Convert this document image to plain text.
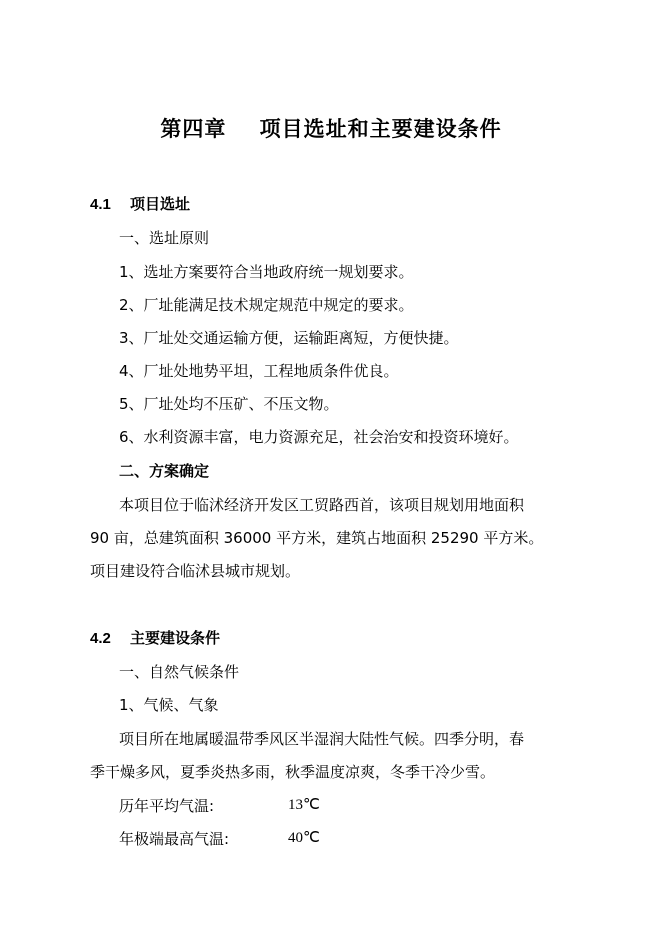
第四章    项目选址和主要建设条件
4.1 项目选址
一、选址原则
1、选址方案要符合当地政府统一规划要求。
2、厂址能满足技术规定规范中规定的要求。
3、厂址处交通运输方便，运输距离短，方便快捷。
4、厂址处地势平坦，工程地质条件优良。
5、厂址处均不压矿、不压文物。
6、水利资源丰富，电力资源充足，社会治安和投资环境好。
二、方案确定
本项目位于临沭经济开发区工贸路西首，该项目规划用地面积
90 亩，总建筑面积 36000 平方米，建筑占地面积 25290 平方米。
项目建设符合临沭县城市规划。
4.2 主要建设条件
一、自然气候条件
1、气候、气象
项目所在地属暖温带季风区半湿润大陆性气候。四季分明，春
季干燥多风，夏季炎热多雨，秋季温度凉爽，冬季干冷少雪。
历年平均气温:	13℃
年极端最高气温:	40℃
